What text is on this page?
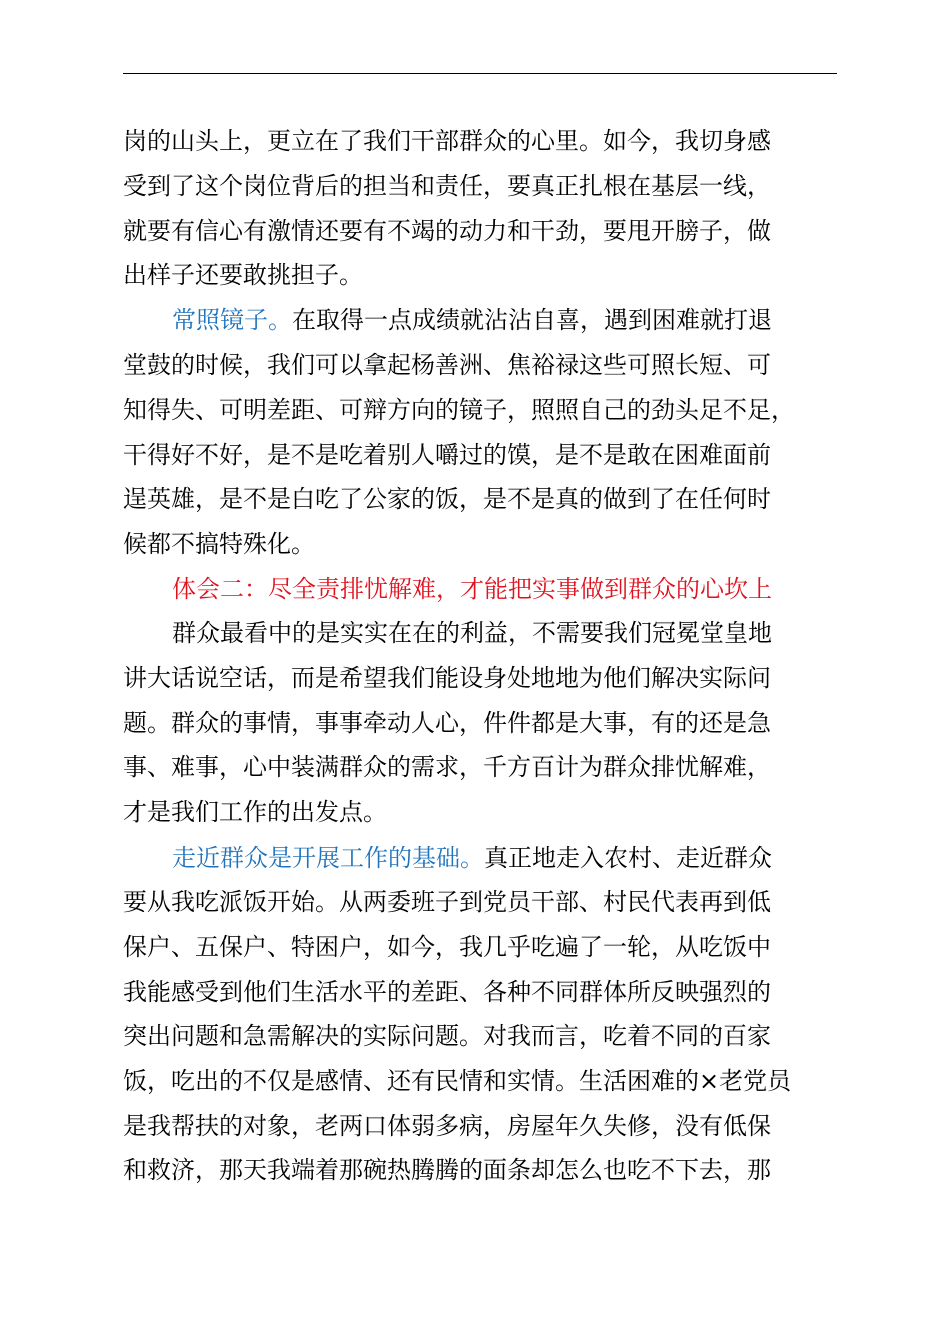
岗的山头上，更立在了我们干部群众的心里。如今，我切身感
受到了这个岗位背后的担当和责任，要真正扎根在基层一线，
就要有信心有激情还要有不竭的动力和干劲，要甩开膀子，做
出样子还要敢挑担子。
常照镜子。在取得一点成绩就沾沾自喜，遇到困难就打退
堂鼓的时候，我们可以拿起杨善洲、焦裕禄这些可照长短、可
知得失、可明差距、可辩方向的镜子，照照自己的劲头足不足，
干得好不好，是不是吃着别人嚼过的馍，是不是敢在困难面前
逞英雄，是不是白吃了公家的饭，是不是真的做到了在任何时
候都不搞特殊化。
体会二：尽全责排忧解难，才能把实事做到群众的心坎上
群众最看中的是实实在在的利益，不需要我们冠冕堂皇地
讲大话说空话，而是希望我们能设身处地地为他们解决实际问
题。群众的事情，事事牵动人心，件件都是大事，有的还是急
事、难事，心中装满群众的需求，千方百计为群众排忧解难，
才是我们工作的出发点。
走近群众是开展工作的基础。真正地走入农村、走近群众
要从我吃派饭开始。从两委班子到党员干部、村民代表再到低
保户、五保户、特困户，如今，我几乎吃遍了一轮，从吃饭中
我能感受到他们生活水平的差距、各种不同群体所反映强烈的
突出问题和急需解决的实际问题。对我而言，吃着不同的百家
饭，吃出的不仅是感情、还有民情和实情。生活困难的×老党员
是我帮扶的对象，老两口体弱多病，房屋年久失修，没有低保
和救济，那天我端着那碗热腾腾的面条却怎么也吃不下去，那
